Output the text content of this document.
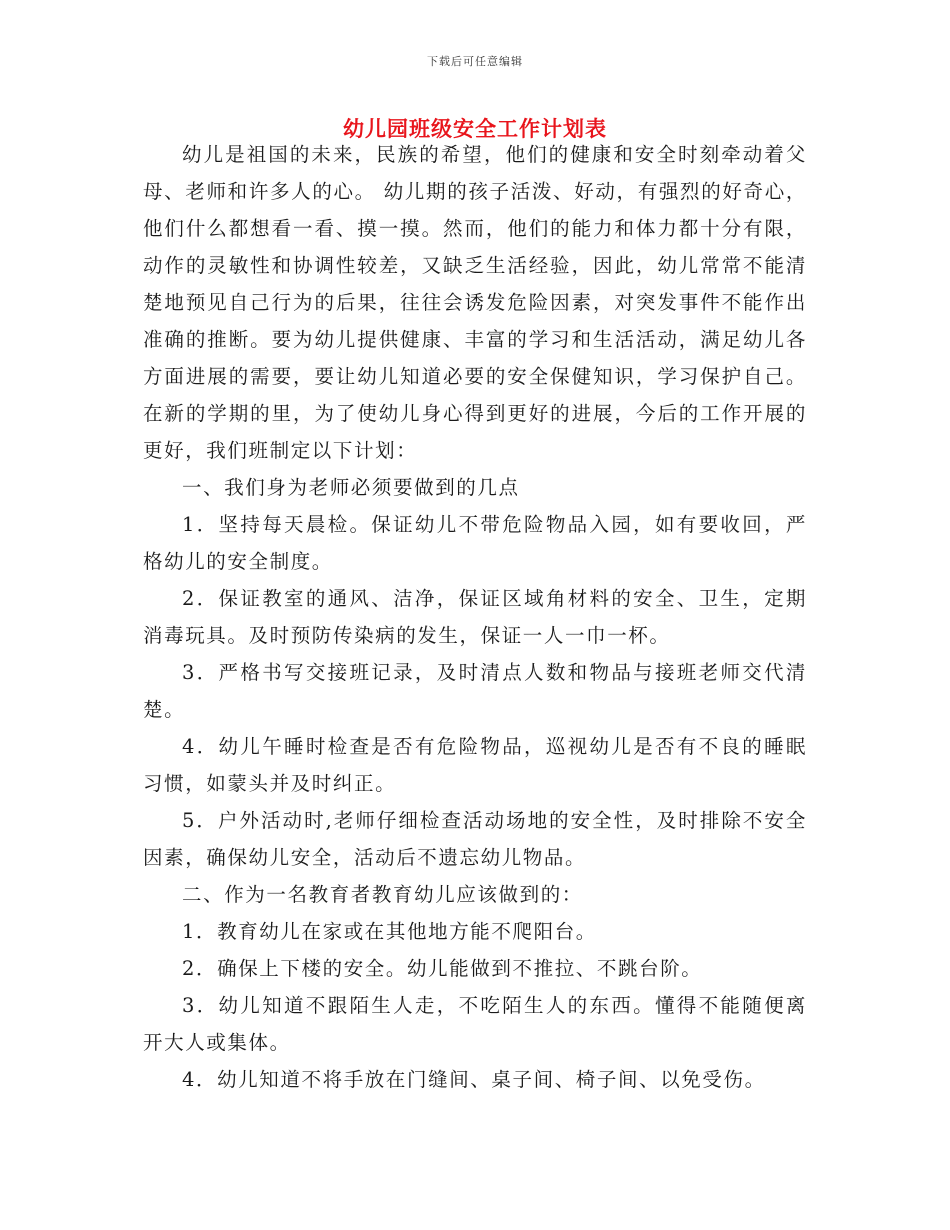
下载后可任意编辑
幼儿园班级安全工作计划表

幼儿是祖国的未来，民族的希望，他们的健康和安全时刻牵动着父母、老师和许多人的心。 幼儿期的孩子活泼、好动，有强烈的好奇心，他们什么都想看一看、摸一摸。然而，他们的能力和体力都十分有限，动作的灵敏性和协调性较差，又缺乏生活经验，因此，幼儿常常不能清楚地预见自己行为的后果，往往会诱发危险因素，对突发事件不能作出准确的推断。要为幼儿提供健康、丰富的学习和生活活动，满足幼儿各方面进展的需要，要让幼儿知道必要的安全保健知识，学习保护自己。在新的学期的里，为了使幼儿身心得到更好的进展，今后的工作开展的更好，我们班制定以下计划：

一、我们身为老师必须要做到的几点

1．坚持每天晨检。保证幼儿不带危险物品入园，如有要收回，严格幼儿的安全制度。

2．保证教室的通风、洁净，保证区域角材料的安全、卫生，定期消毒玩具。及时预防传染病的发生，保证一人一巾一杯。

3．严格书写交接班记录，及时清点人数和物品与接班老师交代清楚。

4．幼儿午睡时检查是否有危险物品，巡视幼儿是否有不良的睡眠习惯，如蒙头并及时纠正。

5．户外活动时,老师仔细检查活动场地的安全性，及时排除不安全因素，确保幼儿安全，活动后不遗忘幼儿物品。

二、作为一名教育者教育幼儿应该做到的：

1．教育幼儿在家或在其他地方能不爬阳台。

2．确保上下楼的安全。幼儿能做到不推拉、不跳台阶。

3．幼儿知道不跟陌生人走，不吃陌生人的东西。懂得不能随便离开大人或集体。

4．幼儿知道不将手放在门缝间、桌子间、椅子间、以免受伤。
